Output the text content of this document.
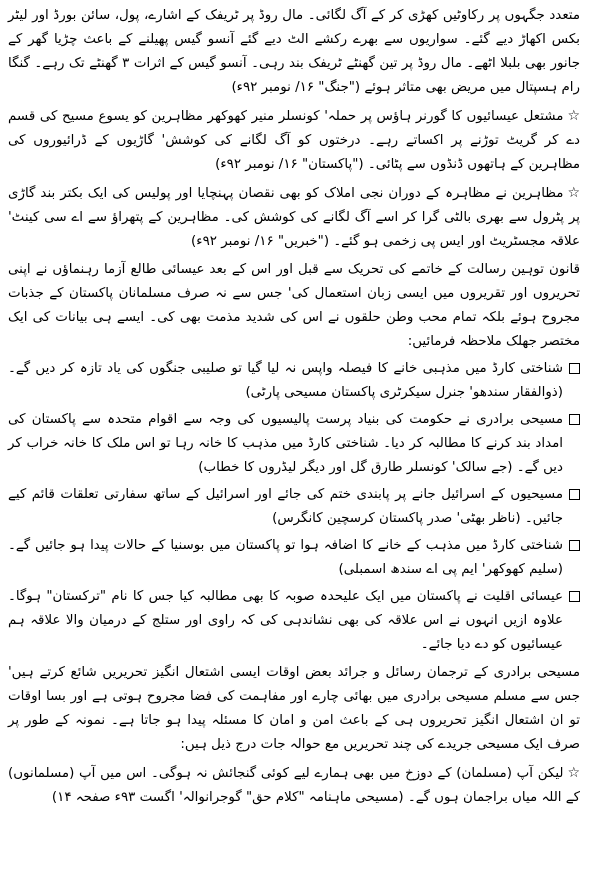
متعدد جگہوں پر رکاوٹیں کھڑی کر کے آگ لگائی۔ مال روڈ پر ٹریفک کے اشارے، پول، سائن بورڈ اور لیٹر بکس اکھاڑ دیے گئے۔ سواریوں سے بھرے رکشے الٹ دیے گئے آنسو گیس پھیلنے کے باعث چڑیا گھر کے جانور بھی بلبلا اٹھے۔ مال روڈ پر تین گھنٹے ٹریفک بند رہی۔ آنسو گیس کے اثرات ۳ گھنٹے تک رہے۔ گنگا رام ہسپتال میں مریض بھی متاثر ہوئے ("جنگ" ۱۶/ نومبر ۹۲ء)

☆مشتعل عیسائیوں کا گورنر ہاؤس پر حملہ' کونسلر منیر کھوکھر مظاہرین کو یسوع مسیح کی قسم دے کر گریٹ توڑنے پر اکساتے رہے۔ درختوں کو آگ لگانے کی کوشش' گاڑیوں کے ڈرائیوروں کی مظاہرین کے ہاتھوں ڈنڈوں سے پٹائی۔ ("پاکستان" ۱۶/ نومبر ۹۲ء)

☆مظاہرین نے مظاہرہ کے دوران نجی املاک کو بھی نقصان پہنچایا اور پولیس کی ایک بکتر بند گاڑی پر پٹرول سے بھری بالٹی گرا کر اسے آگ لگانے کی کوشش کی۔ مظاہرین کے پتھراؤ سے اے سی کینٹ' علاقہ مجسٹریٹ اور ایس پی زخمی ہو گئے۔ ("خبریں" ۱۶/ نومبر ۹۲ء)

قانون توہین رسالت کے خاتمے کی تحریک سے قبل اور اس کے بعد عیسائی طالع آزما رہنماؤں نے اپنی تحریروں اور تقریروں میں ایسی زبان استعمال کی' جس سے نہ صرف مسلمانان پاکستان کے جذبات مجروح ہوئے بلکہ تمام محب وطن حلقوں نے اس کی شدید مذمت بھی کی۔ ایسے ہی بیانات کی ایک مختصر جھلک ملاحظہ فرمائیں:

شناختی کارڈ میں مذہبی خانے کا فیصلہ واپس نہ لیا گیا تو صلیبی جنگوں کی یاد تازہ کر دیں گے۔ (ذوالفقار سندھو' جنرل سیکرٹری پاکستان مسیحی پارٹی)
مسیحی برادری نے حکومت کی بنیاد پرست پالیسیوں کی وجہ سے اقوام متحدہ سے پاکستان کی امداد بند کرنے کا مطالبہ کر دیا۔ شناختی کارڈ میں مذہب کا خانہ رہا تو اس ملک کا خانہ خراب کر دیں گے۔ (جے سالک' کونسلر طارق گل اور دیگر لیڈروں کا خطاب)
مسیحیوں کے اسرائیل جانے پر پابندی ختم کی جائے اور اسرائیل کے ساتھ سفارتی تعلقات قائم کیے جائیں۔ (ناظر بھٹی' صدر پاکستان کرسچین کانگرس)
شناختی کارڈ میں مذہب کے خانے کا اضافہ ہوا تو پاکستان میں بوسنیا کے حالات پیدا ہو جائیں گے۔ (سلیم کھوکھر' ایم پی اے سندھ اسمبلی)
عیسائی اقلیت نے پاکستان میں ایک علیحدہ صوبہ کا بھی مطالبہ کیا جس کا نام "ترکستان" ہوگا۔ علاوہ ازیں انہوں نے اس علاقہ کی بھی نشاندہی کی کہ راوی اور ستلج کے درمیان والا علاقہ ہم عیسائیوں کو دے دیا جائے۔

مسیحی برادری کے ترجمان رسائل و جرائد بعض اوقات ایسی اشتعال انگیز تحریریں شائع کرتے ہیں' جس سے مسلم مسیحی برادری میں بھائی چارے اور مفاہمت کی فضا مجروح ہوتی ہے اور بسا اوقات تو ان اشتعال انگیز تحریروں ہی کے باعث امن و امان کا مسئلہ پیدا ہو جاتا ہے۔ نمونہ کے طور پر صرف ایک مسیحی جریدے کی چند تحریریں مع حوالہ جات درج ذیل ہیں:

☆لیکن آپ (مسلمان) کے دوزخ میں بھی ہمارے لیے کوئی گنجائش نہ ہوگی۔ اس میں آپ (مسلمانوں) کے اللہ میاں براجمان ہوں گے۔ (مسیحی ماہنامہ "کلام حق" گوجرانوالہ' اگست ۹۳ء صفحہ ۱۴)
